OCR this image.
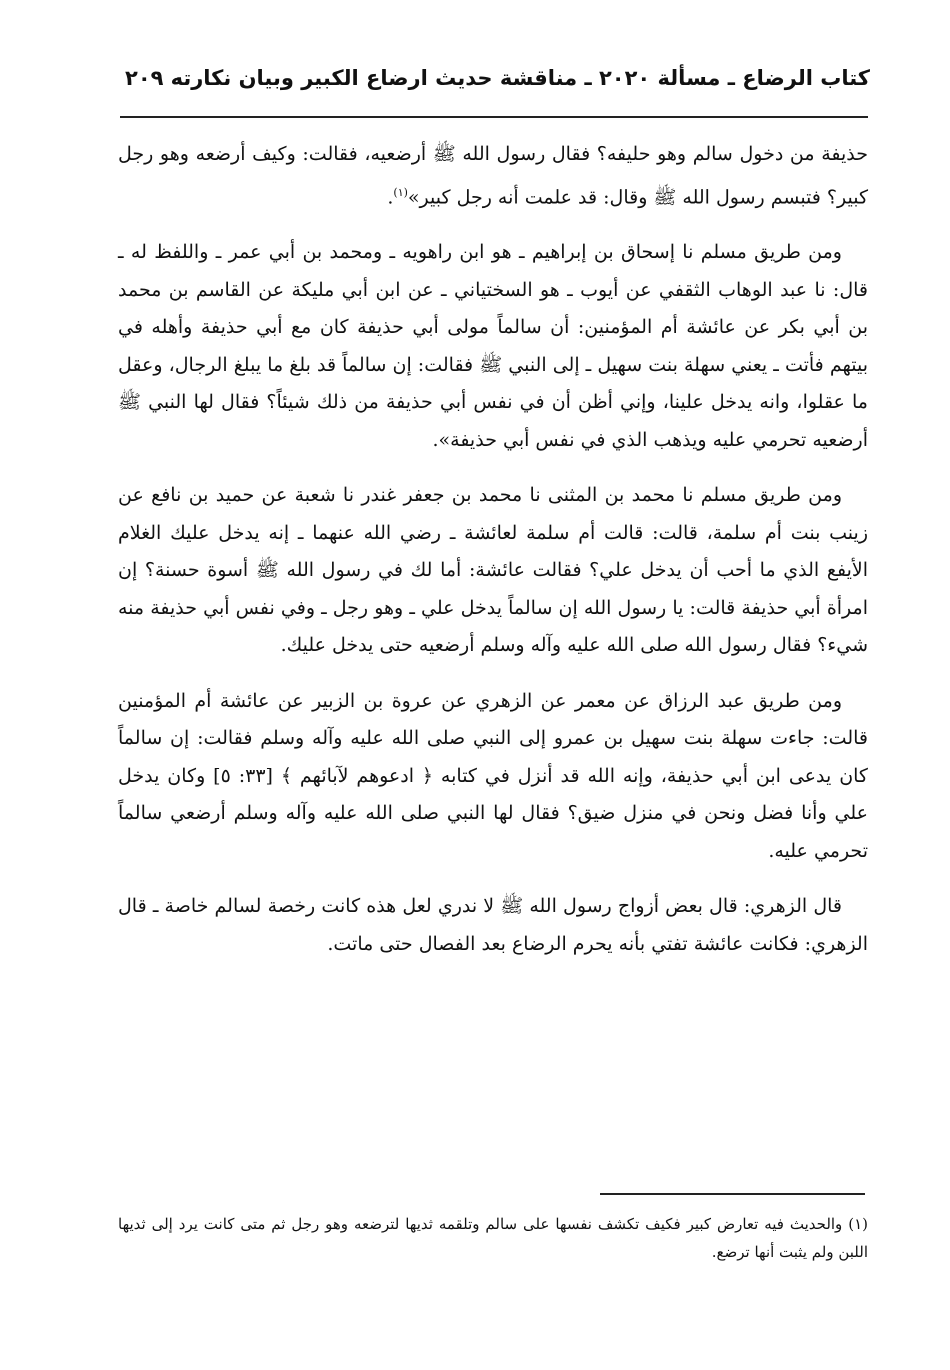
كتاب الرضاع ـ مسألة ٢٠٢٠ ـ مناقشة حديث ارضاع الكبير وبيان نكارته
٢٠٩

حذيفة من دخول سالم وهو حليفه؟ فقال رسول الله ﷺ أرضعيه، فقالت: وكيف أرضعه وهو رجل كبير؟ فتبسم رسول الله ﷺ وقال: قد علمت أنه رجل كبير»$^{(١)}$.

ومن طريق مسلم نا إسحاق بن إبراهيم ـ هو ابن راهويه ـ ومحمد بن أبي عمر ـ واللفظ له ـ قال: نا عبد الوهاب الثقفي عن أيوب ـ هو السختياني ـ عن ابن أبي مليكة عن القاسم بن محمد بن أبي بكر عن عائشة أم المؤمنين: أن سالماً مولى أبي حذيفة كان مع أبي حذيفة وأهله في بيتهم فأتت ـ يعني سهلة بنت سهيل ـ إلى النبي ﷺ فقالت: إن سالماً قد بلغ ما يبلغ الرجال، وعقل ما عقلوا، وانه يدخل علينا، وإني أظن أن في نفس أبي حذيفة من ذلك شيئاً؟ فقال لها النبي ﷺ أرضعيه تحرمي عليه ويذهب الذي في نفس أبي حذيفة».

ومن طريق مسلم نا محمد بن المثنى نا محمد بن جعفر غندر نا شعبة عن حميد بن نافع عن زينب بنت أم سلمة، قالت: قالت أم سلمة لعائشة ـ رضي الله عنهما ـ إنه يدخل عليك الغلام الأيفع الذي ما أحب أن يدخل علي؟ فقالت عائشة: أما لك في رسول الله ﷺ أسوة حسنة؟ إن امرأة أبي حذيفة قالت: يا رسول الله إن سالماً يدخل علي ـ وهو رجل ـ وفي نفس أبي حذيفة منه شيء؟ فقال رسول الله صلى الله عليه وآله وسلم أرضعيه حتى يدخل عليك.

ومن طريق عبد الرزاق عن معمر عن الزهري عن عروة بن الزبير عن عائشة أم المؤمنين قالت: جاءت سهلة بنت سهيل بن عمرو إلى النبي صلى الله عليه وآله وسلم فقالت: إن سالماً كان يدعى ابن أبي حذيفة، وإنه الله قد أنزل في كتابه ﴿ ادعوهم لآبائهم ﴾ [٣٣: ٥] وكان يدخل علي وأنا فضل ونحن في منزل ضيق؟ فقال لها النبي صلى الله عليه وآله وسلم أرضعي سالماً تحرمي عليه.

قال الزهري: قال بعض أزواج رسول الله ﷺ لا ندري لعل هذه كانت رخصة لسالم خاصة ـ قال الزهري: فكانت عائشة تفتي بأنه يحرم الرضاع بعد الفصال حتى ماتت.

(١) والحديث فيه تعارض كبير فكيف تكشف نفسها على سالم وتلقمه ثديها لترضعه وهو رجل ثم متى كانت يرد إلى ثديها اللبن ولم يثبت أنها ترضع.
